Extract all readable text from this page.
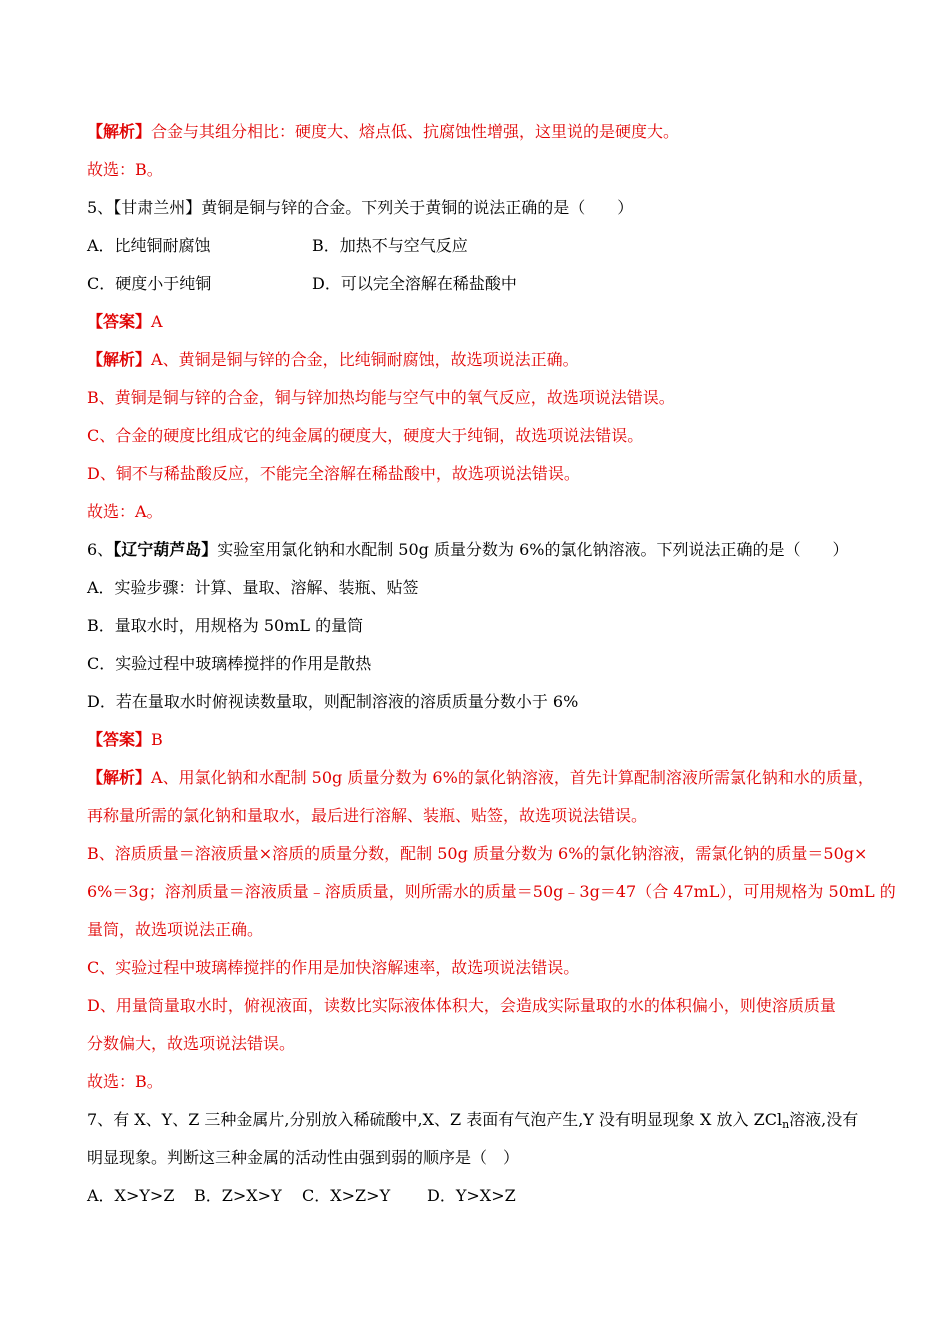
【解析】合金与其组分相比：硬度大、熔点低、抗腐蚀性增强，这里说的是硬度大。
故选：B。
5、【甘肃兰州】黄铜是铜与锌的合金。下列关于黄铜的说法正确的是（　　）
A．比纯铜耐腐蚀	B．加热不与空气反应
C．硬度小于纯铜	D．可以完全溶解在稀盐酸中
【答案】A
【解析】A、黄铜是铜与锌的合金，比纯铜耐腐蚀，故选项说法正确。
B、黄铜是铜与锌的合金，铜与锌加热均能与空气中的氧气反应，故选项说法错误。
C、合金的硬度比组成它的纯金属的硬度大，硬度大于纯铜，故选项说法错误。
D、铜不与稀盐酸反应，不能完全溶解在稀盐酸中，故选项说法错误。
故选：A。
6、【辽宁葫芦岛】实验室用氯化钠和水配制 50g 质量分数为 6%的氯化钠溶液。下列说法正确的是（　　）
A．实验步骤：计算、量取、溶解、装瓶、贴签
B．量取水时，用规格为 50mL 的量筒
C．实验过程中玻璃棒搅拌的作用是散热
D．若在量取水时俯视读数量取，则配制溶液的溶质质量分数小于 6%
【答案】B
【解析】A、用氯化钠和水配制 50g 质量分数为 6%的氯化钠溶液，首先计算配制溶液所需氯化钠和水的质量，
再称量所需的氯化钠和量取水，最后进行溶解、装瓶、贴签，故选项说法错误。
B、溶质质量＝溶液质量×溶质的质量分数，配制 50g 质量分数为 6%的氯化钠溶液，需氯化钠的质量＝50g×
6%＝3g；溶剂质量＝溶液质量﹣溶质质量，则所需水的质量＝50g﹣3g＝47（合 47mL），可用规格为 50mL 的
量筒，故选项说法正确。
C、实验过程中玻璃棒搅拌的作用是加快溶解速率，故选项说法错误。
D、用量筒量取水时，俯视液面，读数比实际液体体积大，会造成实际量取的水的体积偏小，则使溶质质量
分数偏大，故选项说法错误。
故选：B。
7、有 X、Y、Z 三种金属片,分别放入稀硫酸中,X、Z 表面有气泡产生,Y 没有明显现象 X 放入 ZCl$_n$溶液,没有
明显现象。判断这三种金属的活动性由强到弱的顺序是（　）
A．X>Y>Z B．Z>X>Y C．X>Z>Y D．Y>X>Z
